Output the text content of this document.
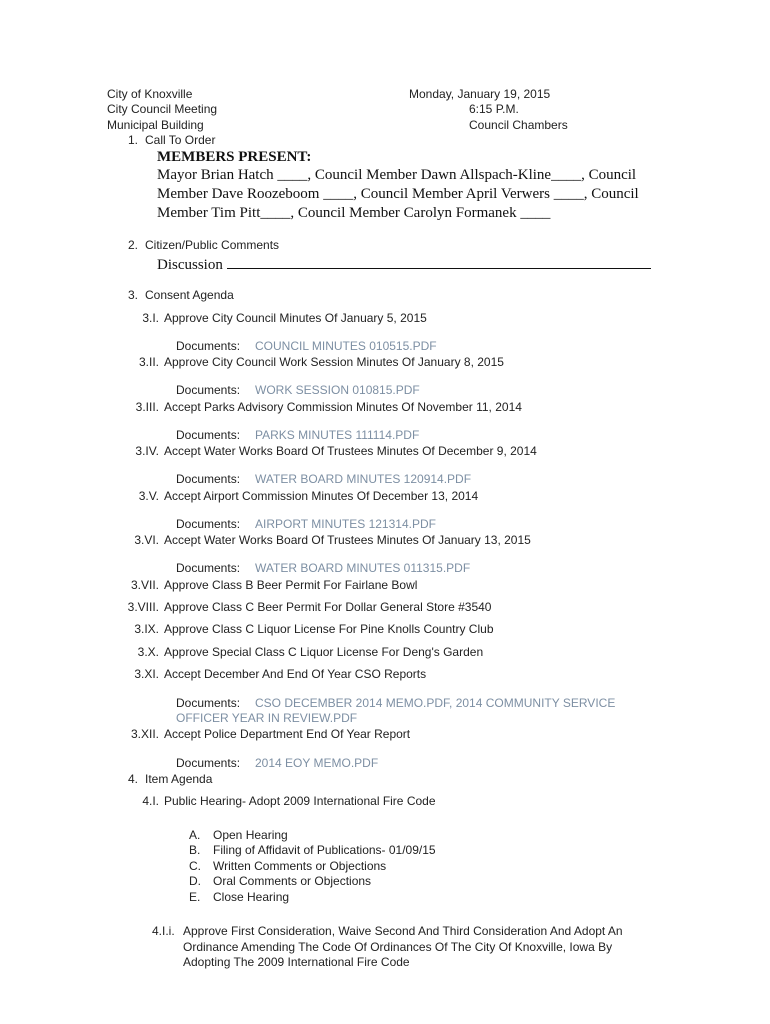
City of Knoxville
City Council Meeting
Municipal Building
Monday, January 19, 2015
6:15 P.M.
Council Chambers
1. Call To Order
MEMBERS PRESENT:
Mayor Brian Hatch ____, Council Member Dawn Allspach-Kline____, Council
Member Dave Roozeboom ____, Council Member April Verwers ____, Council
Member Tim Pitt____, Council Member Carolyn Formanek ____
2. Citizen/Public Comments
Discussion
3. Consent Agenda
3.I. Approve City Council Minutes Of January 5, 2015
Documents: COUNCIL MINUTES 010515.PDF
3.II. Approve City Council Work Session Minutes Of January 8, 2015
Documents: WORK SESSION 010815.PDF
3.III. Accept Parks Advisory Commission Minutes Of November 11, 2014
Documents: PARKS MINUTES 111114.PDF
3.IV. Accept Water Works Board Of Trustees Minutes Of December 9, 2014
Documents: WATER BOARD MINUTES 120914.PDF
3.V. Accept Airport Commission Minutes Of December 13, 2014
Documents: AIRPORT MINUTES 121314.PDF
3.VI. Accept Water Works Board Of Trustees Minutes Of January 13, 2015
Documents: WATER BOARD MINUTES 011315.PDF
3.VII. Approve Class B Beer Permit For Fairlane Bowl
3.VIII. Approve Class C Beer Permit For Dollar General Store #3540
3.IX. Approve Class C Liquor License For Pine Knolls Country Club
3.X. Approve Special Class C Liquor License For Deng's Garden
3.XI. Accept December And End Of Year CSO Reports
Documents: CSO DECEMBER 2014 MEMO.PDF, 2014 COMMUNITY SERVICE
OFFICER YEAR IN REVIEW.PDF
3.XII. Accept Police Department End Of Year Report
Documents: 2014 EOY MEMO.PDF
4. Item Agenda
4.I. Public Hearing- Adopt 2009 International Fire Code
A. Open Hearing
B. Filing of Affidavit of Publications- 01/09/15
C. Written Comments or Objections
D. Oral Comments or Objections
E. Close Hearing
4.I.i. Approve First Consideration, Waive Second And Third Consideration And Adopt An
Ordinance Amending The Code Of Ordinances Of The City Of Knoxville, Iowa By
Adopting The 2009 International Fire Code
